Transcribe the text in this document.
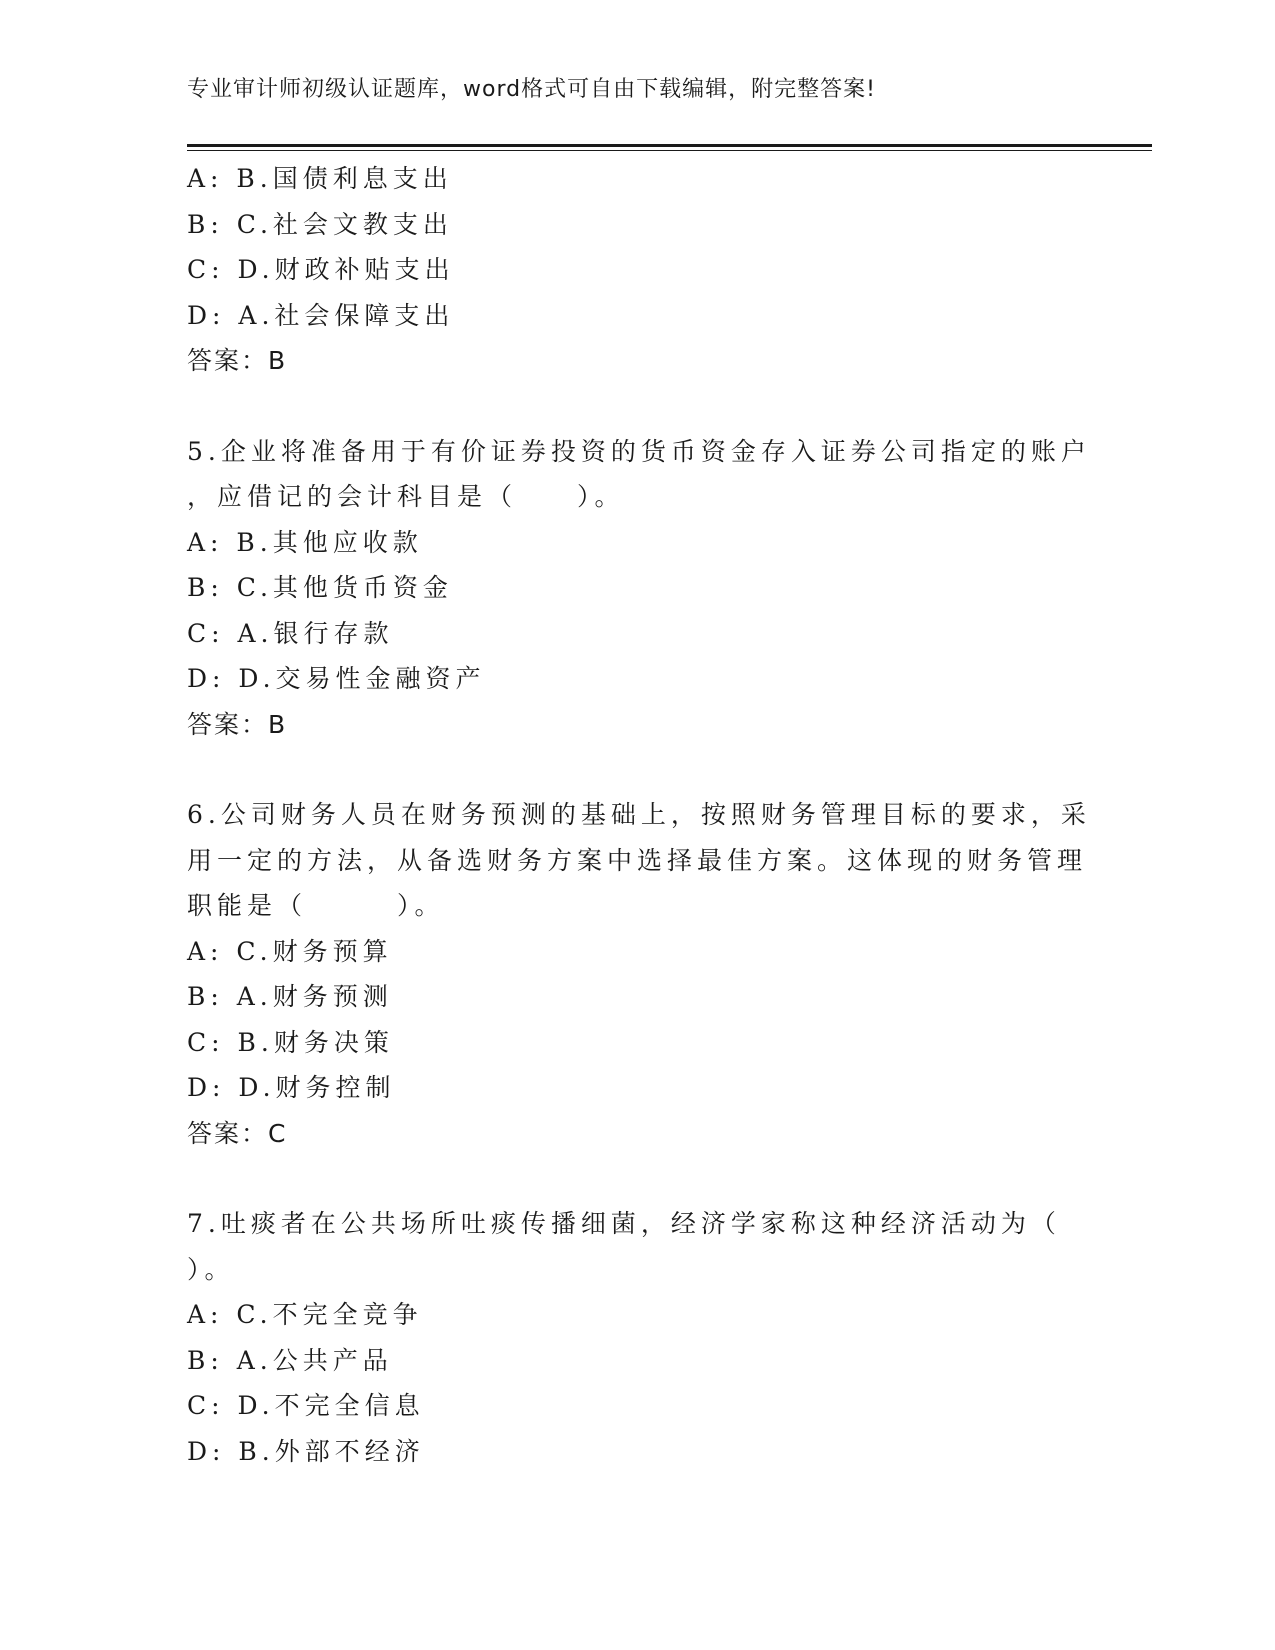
专业审计师初级认证题库，word格式可自由下载编辑，附完整答案!
A: B.国债利息支出
B: C.社会文教支出
C: D.财政补贴支出
D: A.社会保障支出
答案：B
5.企业将准备用于有价证券投资的货币资金存入证券公司指定的账户
，应借记的会计科目是（　　）。
A: B.其他应收款
B: C.其他货币资金
C: A.银行存款
D: D.交易性金融资产
答案：B
6.公司财务人员在财务预测的基础上，按照财务管理目标的要求，采
用一定的方法，从备选财务方案中选择最佳方案。这体现的财务管理
职能是（　　　）。
A: C.财务预算
B: A.财务预测
C: B.财务决策
D: D.财务控制
答案：C
7.吐痰者在公共场所吐痰传播细菌，经济学家称这种经济活动为（
）。
A: C.不完全竞争
B: A.公共产品
C: D.不完全信息
D: B.外部不经济
